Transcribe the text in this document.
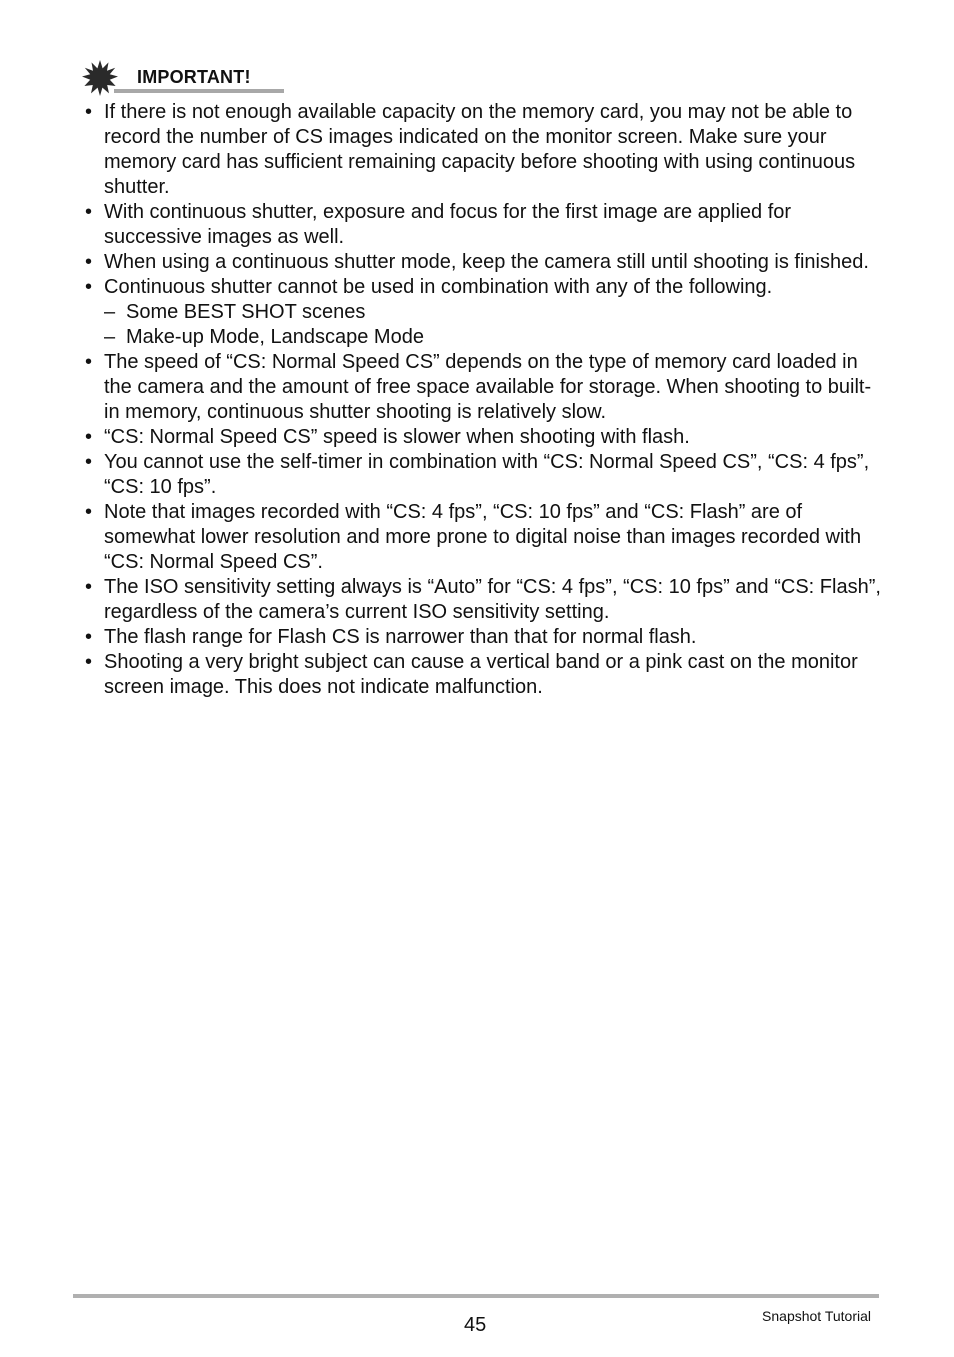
IMPORTANT!
• If there is not enough available capacity on the memory card, you may not be able to record the number of CS images indicated on the monitor screen. Make sure your memory card has sufficient remaining capacity before shooting with using continuous shutter.
• With continuous shutter, exposure and focus for the first image are applied for successive images as well.
• When using a continuous shutter mode, keep the camera still until shooting is finished.
• Continuous shutter cannot be used in combination with any of the following.
– Some BEST SHOT scenes
– Make-up Mode, Landscape Mode
• The speed of “CS: Normal Speed CS” depends on the type of memory card loaded in the camera and the amount of free space available for storage. When shooting to built-in memory, continuous shutter shooting is relatively slow.
• “CS: Normal Speed CS” speed is slower when shooting with flash.
• You cannot use the self-timer in combination with “CS: Normal Speed CS”, “CS: 4 fps”, “CS: 10 fps”.
• Note that images recorded with “CS: 4 fps”, “CS: 10 fps” and “CS: Flash” are of somewhat lower resolution and more prone to digital noise than images recorded with “CS: Normal Speed CS”.
• The ISO sensitivity setting always is “Auto” for “CS: 4 fps”, “CS: 10 fps” and “CS: Flash”, regardless of the camera’s current ISO sensitivity setting.
• The flash range for Flash CS is narrower than that for normal flash.
• Shooting a very bright subject can cause a vertical band or a pink cast on the monitor screen image. This does not indicate malfunction.
45	Snapshot Tutorial
